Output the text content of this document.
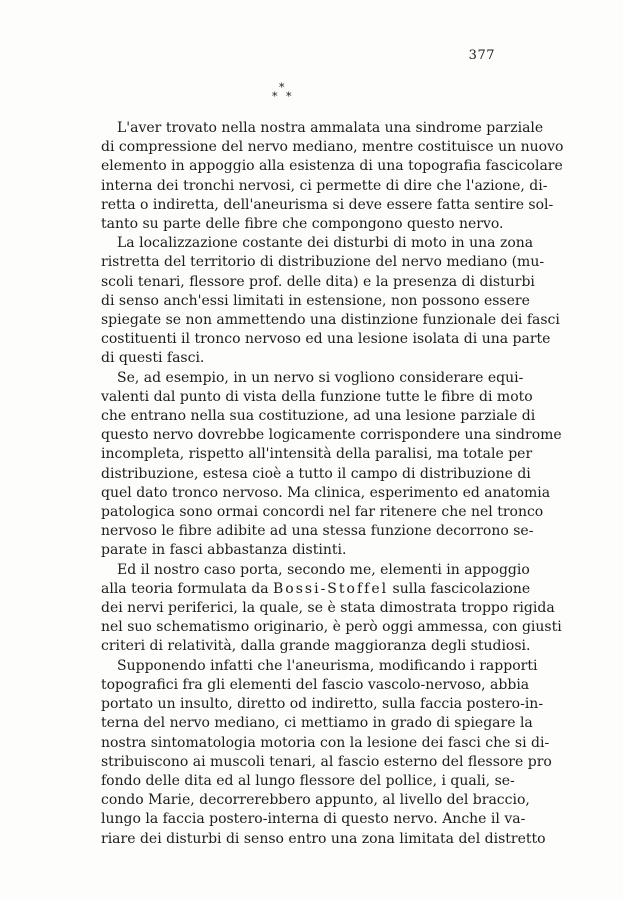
377
*
* *
L'aver trovato nella nostra ammalata una sindrome parziale
di compressione del nervo mediano, mentre costituisce un nuovo
elemento in appoggio alla esistenza di una topografia fascicolare
interna dei tronchi nervosi, ci permette di dire che l'azione, di-
retta o indiretta, dell'aneurisma si deve essere fatta sentire sol-
tanto su parte delle fibre che compongono questo nervo.
La localizzazione costante dei disturbi di moto in una zona
ristretta del territorio di distribuzione del nervo mediano (mu-
scoli tenari, flessore prof. delle dita) e la presenza di disturbi
di senso anch'essi limitati in estensione, non possono essere
spiegate se non ammettendo una distinzione funzionale dei fasci
costituenti il tronco nervoso ed una lesione isolata di una parte
di questi fasci.
Se, ad esempio, in un nervo si vogliono considerare equi-
valenti dal punto di vista della funzione tutte le fibre di moto
che entrano nella sua costituzione, ad una lesione parziale di
questo nervo dovrebbe logicamente corrispondere una sindrome
incompleta, rispetto all'intensità della paralisi, ma totale per
distribuzione, estesa cioè a tutto il campo di distribuzione di
quel dato tronco nervoso. Ma clinica, esperimento ed anatomia
patologica sono ormai concordi nel far ritenere che nel tronco
nervoso le fibre adibite ad una stessa funzione decorrono se-
parate in fasci abbastanza distinti.
Ed il nostro caso porta, secondo me, elementi in appoggio
alla teoria formulata da Bossi-Stoffel sulla fascicolazione
dei nervi periferici, la quale, se è stata dimostrata troppo rigida
nel suo schematismo originario, è però oggi ammessa, con giusti
criteri di relatività, dalla grande maggioranza degli studiosi.
Supponendo infatti che l'aneurisma, modificando i rapporti
topografici fra gli elementi del fascio vascolo-nervoso, abbia
portato un insulto, diretto od indiretto, sulla faccia postero-in-
terna del nervo mediano, ci mettiamo in grado di spiegare la
nostra sintomatologia motoria con la lesione dei fasci che si di-
stribuiscono ai muscoli tenari, al fascio esterno del flessore pro
fondo delle dita ed al lungo flessore del pollice, i quali, se-
condo Marie, decorrerebbero appunto, al livello del braccio,
lungo la faccia postero-interna di questo nervo. Anche il va-
riare dei disturbi di senso entro una zona limitata del distretto
